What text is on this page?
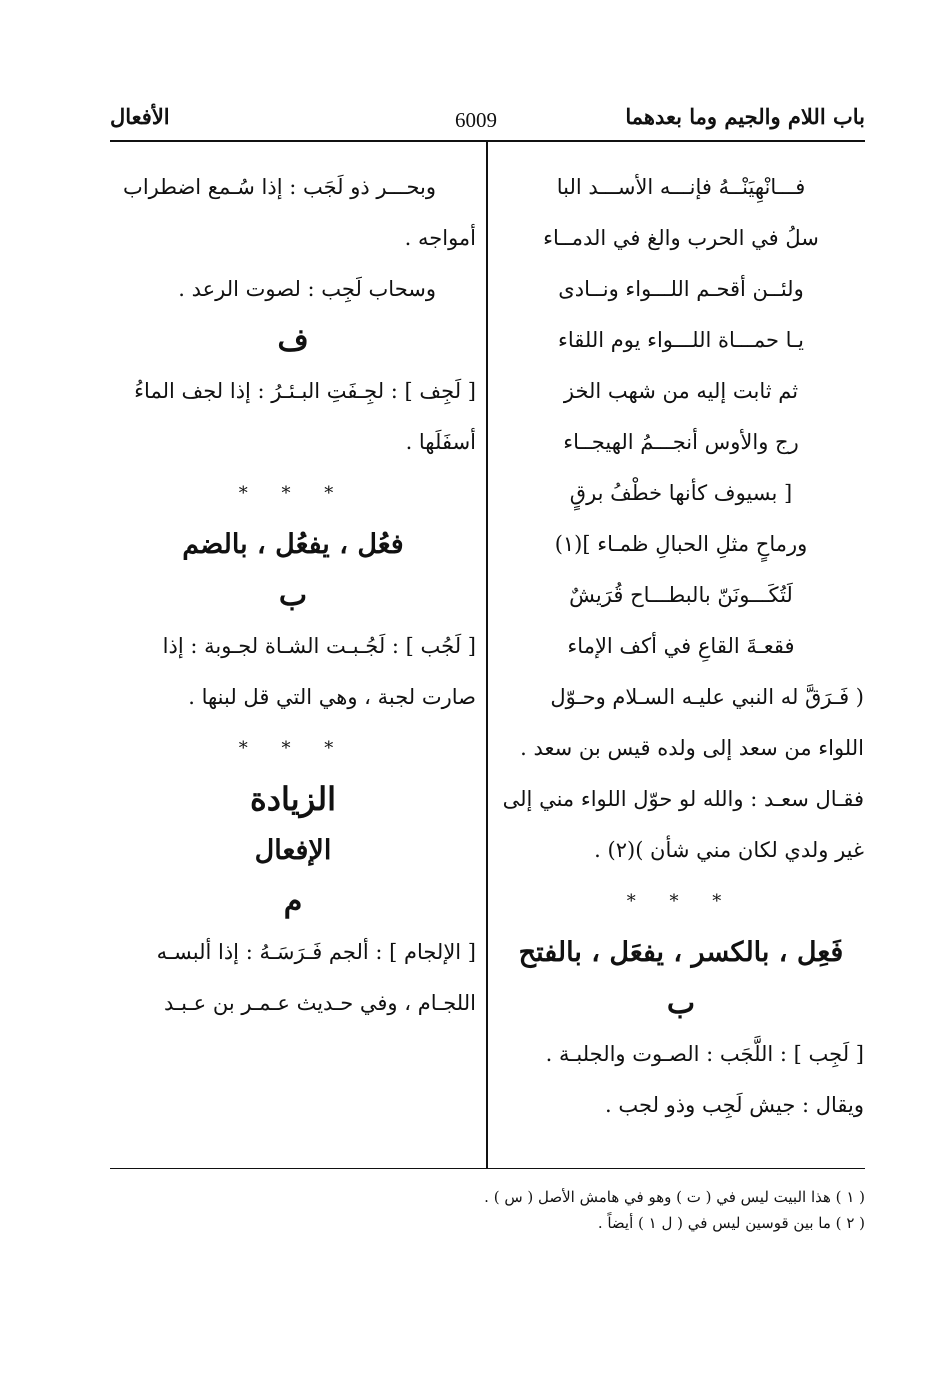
باب اللام والجيم وما بعدهما
6009
الأفعال
فـــانْهِيَنْــهُ فإنـــه الأســـد البا
سلُ في الحرب والغ في الدمــاء
ولئــن أقحـم اللـــواء ونــادى
يـا حمـــاة اللـــواء يوم اللقاء
ثم ثابت إليه من شهب الخز
رج والأوس أنجـــمُ الهيجــاء
[ بسيوف كأنها خطْفُ برقٍ
ورماحٍ مثلِ الحبالِ ظمـاء ](١)
لَتُكَـــونَنّ بالبطـــاح قُرَيشٌ
فقعـةَ القاعِ في أكف الإماء
( فَـرَقَّ له النبي عليـه السـلام وحـوّل
اللواء من سعد إلى ولده قيس بن سعد .
فقـال سعـد : والله لو حوّل اللواء مني إلى
غير ولدي لكان مني شأن )(٢) .
* * *
فَعِل ، بالكسر ، يفعَل ، بالفتح
ب
[ لَجِب ] : اللَّجَب : الصـوت والجلبـة .
ويقال : جيش لَجِب وذو لجب .
وبحـــر ذو لَجَب : إذا سُـمع اضطراب
أمواجه .
وسحاب لَجِب : لصوت الرعد .
ف
[ لَجِف ] : لجِـفَتِ البـئـرُ : إذا لجف الماءُ
أسفَلَها .
* * *
فعُل ، يفعُل ، بالضم
ب
[ لَجُب ] : لَجُـبـت الشـاة لجـوبة : إذا
صارت لجبة ، وهي التي قل لبنها .
* * *
الزيادة
الإفعال
م
[ الإلجام ] : ألجم فَـرَسَـهُ : إذا ألبسـه
اللجـام ، وفي حـديث عـمـر بن عـبـد
( ١ ) هذا البيت ليس في ( ت ) وهو في هامش الأصل ( س ) .
( ٢ ) ما بين قوسين ليس في ( ل ١ ) أيضاً .
